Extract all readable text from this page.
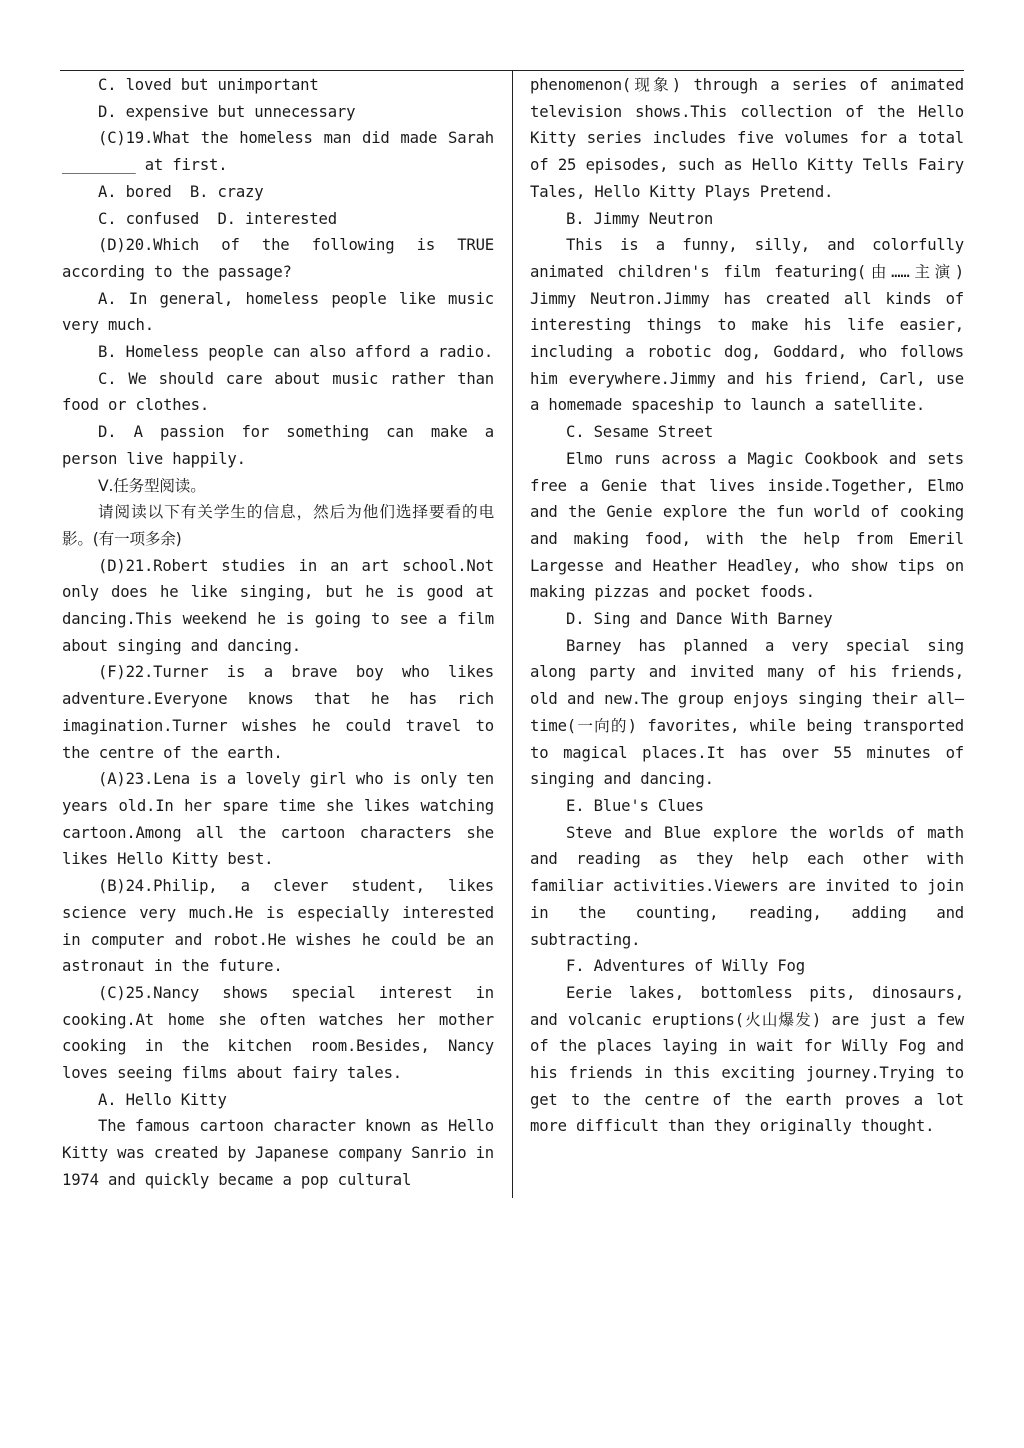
C. loved but unimportant

D. expensive but unnecessary

(C)19.What the homeless man did made Sarah ________ at first.

A. bored  B. crazy

C. confused  D. interested

(D)20.Which of the following is TRUE according to the passage?

A. In general, homeless people like music very much.

B. Homeless people can also afford a radio.

C. We should care about music rather than food or clothes.

D. A passion for something can make a person live happily.

Ⅴ.任务型阅读。

请阅读以下有关学生的信息，然后为他们选择要看的电影。(有一项多余)

(D)21.Robert studies in an art school.Not only does he like singing, but he is good at dancing.This weekend he is going to see a film about singing and dancing.

(F)22.Turner is a brave boy who likes adventure.Everyone knows that he has rich imagination.Turner wishes he could travel to the centre of the earth.

(A)23.Lena is a lovely girl who is only ten years old.In her spare time she likes watching cartoon.Among all the cartoon characters she likes Hello Kitty best.

(B)24.Philip, a clever student, likes science very much.He is especially interested in computer and robot.He wishes he could be an astronaut in the future.

(C)25.Nancy shows special interest in cooking.At home she often watches her mother cooking in the kitchen room.Besides, Nancy loves seeing films about fairy tales.

A. Hello Kitty

The famous cartoon character known as Hello Kitty was created by Japanese company Sanrio in 1974 and quickly became a pop cultural

phenomenon(现象) through a series of animated television shows.This collection of the Hello Kitty series includes five volumes for a total of 25 episodes, such as Hello Kitty Tells Fairy Tales, Hello Kitty Plays Pretend.

B. Jimmy Neutron

This is a funny, silly, and colorfully animated children's film featuring(由……主演) Jimmy Neutron.Jimmy has created all kinds of interesting things to make his life easier, including a robotic dog, Goddard, who follows him everywhere.Jimmy and his friend, Carl, use a homemade spaceship to launch a satellite.

C. Sesame Street

Elmo runs across a Magic Cookbook and sets free a Genie that lives inside.Together, Elmo and the Genie explore the fun world of cooking and making food, with the help from Emeril Largesse and Heather Headley, who show tips on making pizzas and pocket foods.

D. Sing and Dance With Barney

Barney has planned a very special sing along party and invited many of his friends, old and new.The group enjoys singing their all—time(一向的) favorites, while being transported to magical places.It has over 55 minutes of singing and dancing.

E. Blue's Clues

Steve and Blue explore the worlds of math and reading as they help each other with familiar activities.Viewers are invited to join in the counting, reading, adding and subtracting.

F. Adventures of Willy Fog

Eerie lakes, bottomless pits, dinosaurs, and volcanic eruptions(火山爆发) are just a few of the places laying in wait for Willy Fog and his friends in this exciting journey.Trying to get to the centre of the earth proves a lot more difficult than they originally thought.
